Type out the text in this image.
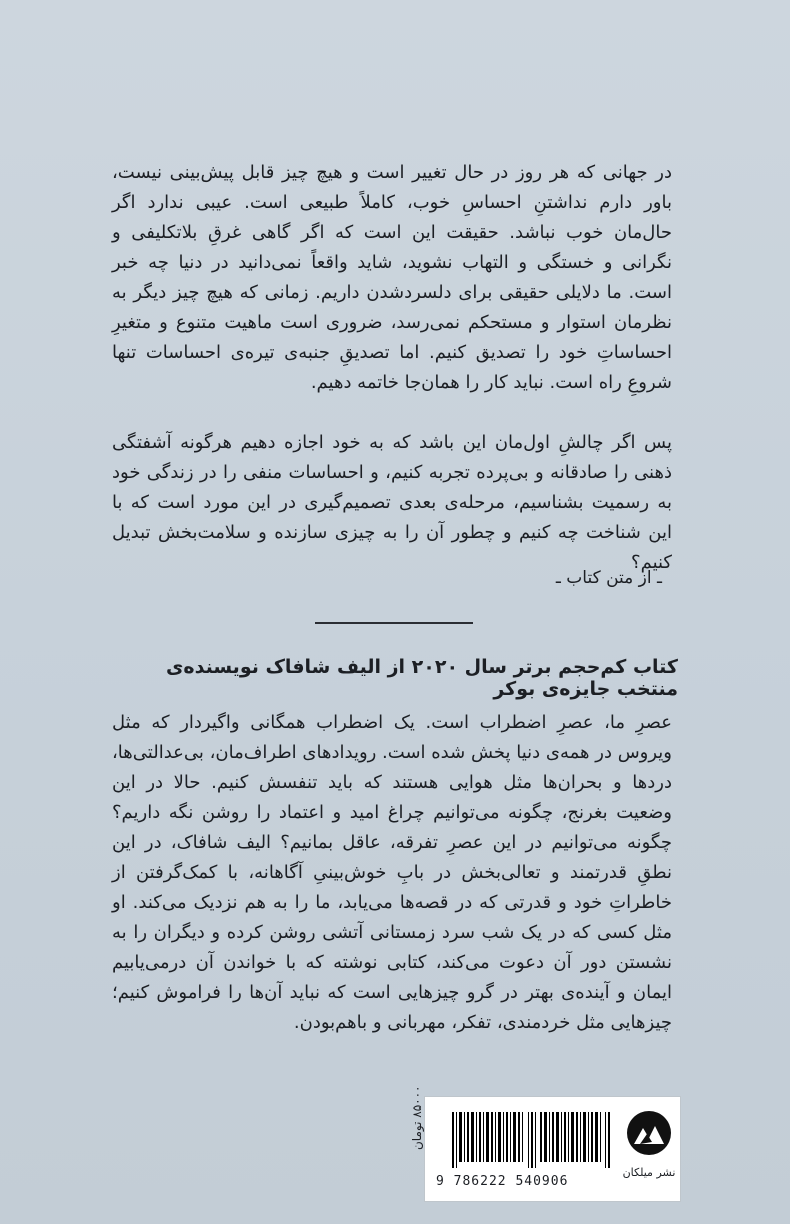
در جهانی که هر روز در حال تغییر است و هیچ چیز قابل پیش‌بینی نیست، باور دارم نداشتنِ احساسِ خوب، کاملاً طبیعی است. عیبی ندارد اگر حال‌مان خوب نباشد. حقیقت این است که اگر گاهی غرقِ بلاتکلیفی و نگرانی و خستگی و التهاب نشوید، شاید واقعاً نمی‌دانید در دنیا چه خبر است. ما دلایلی حقیقی برای دلسردشدن داریم. زمانی که هیچ چیز دیگر به نظرمان استوار و مستحکم نمی‌رسد، ضروری است ماهیت متنوع و متغیرِ احساساتِ خود را تصدیق کنیم. اما تصدیقِ جنبه‌ی تیره‌ی احساسات تنها شروعِ راه است. نباید کار را همان‌جا خاتمه دهیم.
پس اگر چالشِ اول‌مان این باشد که به خود اجازه دهیم هرگونه آشفتگی ذهنی را صادقانه و بی‌پرده تجربه کنیم، و احساسات منفی را در زندگی خود به رسمیت بشناسیم، مرحله‌ی بعدی تصمیم‌گیری در این مورد است که با این شناخت چه کنیم و چطور آن را به چیزی سازنده و سلامت‌بخش تبدیل کنیم؟
ـ از متن کتاب ـ
کتاب کم‌حجم برتر سال ۲۰۲۰ از الیف شافاک نویسنده‌ی منتخب جایزه‌ی بوکر
عصرِ ما، عصرِ اضطراب است. یک اضطراب همگانی واگیردار که مثل ویروس در همه‌ی دنیا پخش شده است. رویدادهای اطراف‌مان، بی‌عدالتی‌ها، دردها و بحران‌ها مثل هوایی هستند که باید تنفسش کنیم. حالا در این وضعیت بغرنج، چگونه می‌توانیم چراغ امید و اعتماد را روشن نگه داریم؟ چگونه می‌توانیم در این عصرِ تفرقه، عاقل بمانیم؟ الیف شافاک، در این نطقِ قدرتمند و تعالی‌بخش در بابِ خوش‌بینیِ آگاهانه، با کمک‌گرفتن از خاطراتِ خود و قدرتی که در قصه‌ها می‌یابد، ما را به هم نزدیک می‌کند. او مثل کسی که در یک شب سرد زمستانی آتشی روشن کرده و دیگران را به نشستن دور آن دعوت می‌کند، کتابی نوشته که با خواندن آن درمی‌یابیم ایمان و آینده‌ی بهتر در گرو چیزهایی است که نباید آن‌ها را فراموش کنیم؛ چیزهایی مثل خردمندی، تفکر، مهربانی و باهم‌بودن.
نشر میلکان
9 786222 540906
۸۵۰۰۰ تومان
